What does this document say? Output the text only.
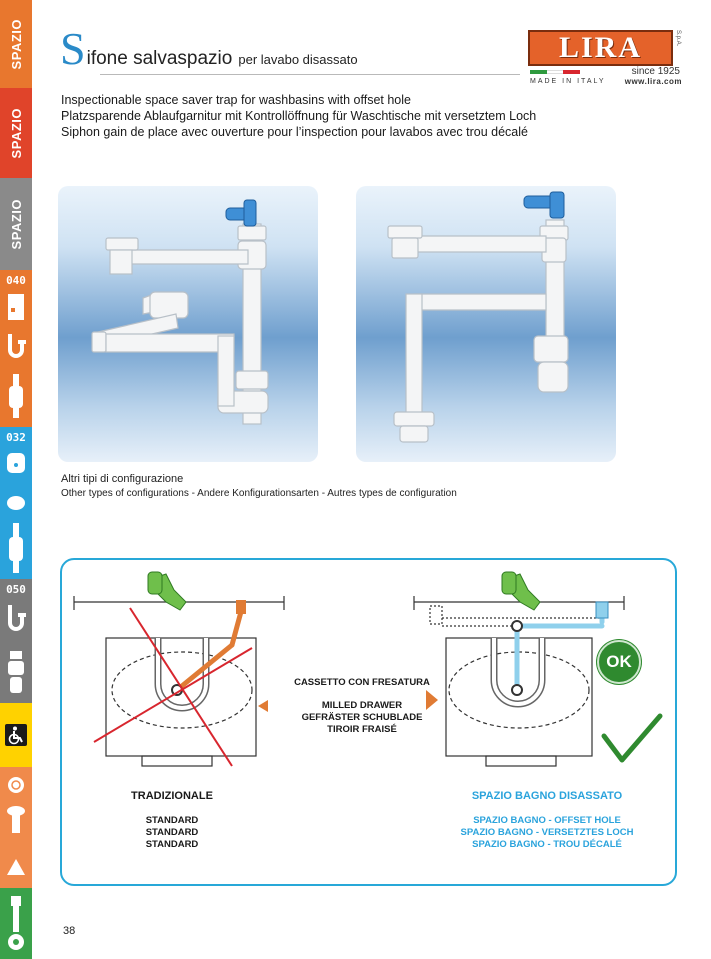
SPAZIO
SPAZIO
SPAZIO
040
032
050
S ifone salvaspazio per lavabo disassato	LIRA	S.p.A.
since 1925
MADE IN ITALY www.lira.com
Inspectionable space saver trap for washbasins with offset hole
Platzsparende Ablaufgarnitur mit Kontrollöffnung für Waschtische mit versetztem Loch
Siphon gain de place avec ouverture pour l’inspection pour lavabos avec trou décalé
Altri tipi di configurazione
Other types of configurations - Andere Konfigurationsarten - Autres types de configuration
CASSETTO CON FRESATURA
MILLED DRAWER
GEFRÄSTER SCHUBLADE
TIROIR FRAISÉ
OK
TRADIZIONALE
STANDARD
STANDARD
STANDARD
SPAZIO BAGNO DISASSATO
SPAZIO BAGNO - OFFSET HOLE
SPAZIO BAGNO - VERSETZTES LOCH
SPAZIO BAGNO - TROU DÉCALÉ
38
